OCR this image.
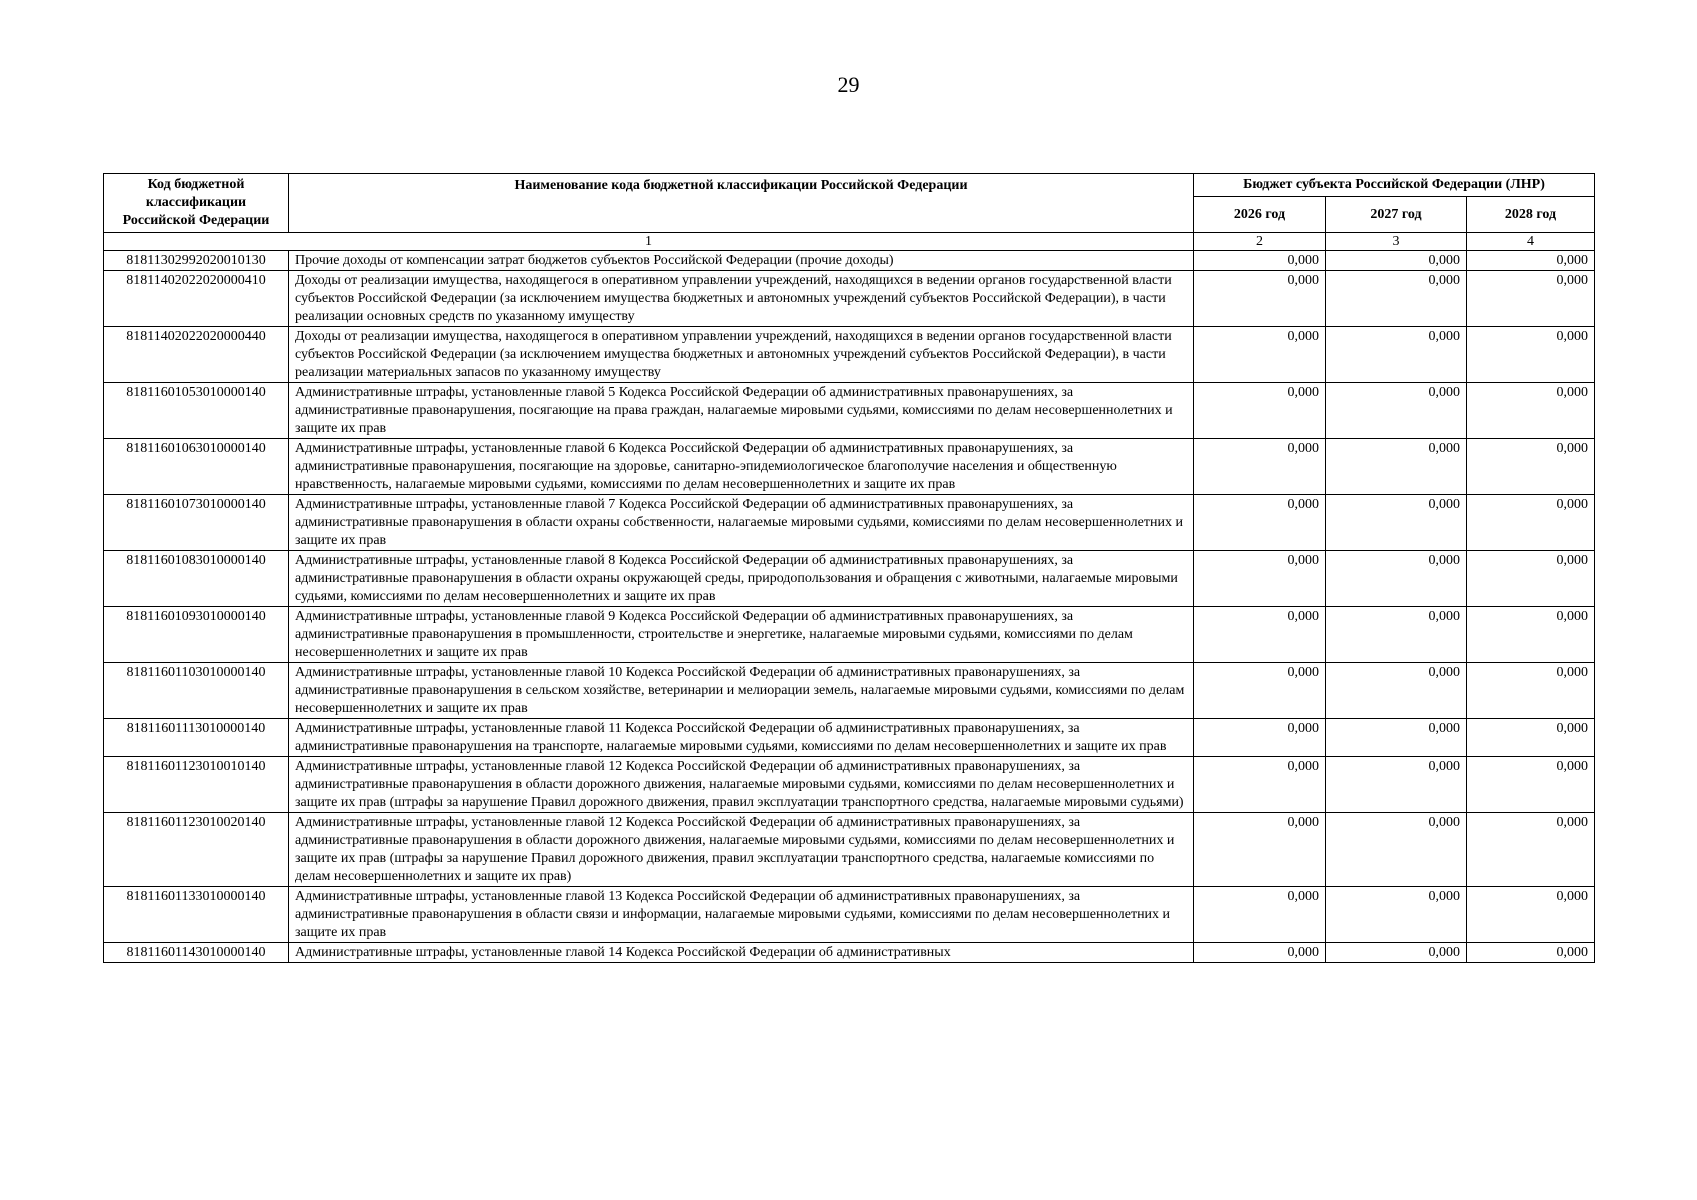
29
Код бюджетной классификации Российской Федерации	Наименование кода бюджетной классификации Российской Федерации	Бюджет субъекта Российской Федерации (ЛНР)		
		2026 год	2027 год	2028 год
1		2	3	4
81811302992020010130	Прочие доходы от компенсации затрат бюджетов субъектов Российской Федерации (прочие доходы)	0,000	0,000	0,000
81811402022020000410	Доходы от реализации имущества, находящегося в оперативном управлении учреждений, находящихся в ведении органов государственной власти субъектов Российской Федерации (за исключением имущества бюджетных и автономных учреждений субъектов Российской Федерации), в части реализации основных средств по указанному имуществу	0,000	0,000	0,000
81811402022020000440	Доходы от реализации имущества, находящегося в оперативном управлении учреждений, находящихся в ведении органов государственной власти субъектов Российской Федерации (за исключением имущества бюджетных и автономных учреждений субъектов Российской Федерации), в части реализации материальных запасов по указанному имуществу	0,000	0,000	0,000
81811601053010000140	Административные штрафы, установленные главой 5 Кодекса Российской Федерации об административных правонарушениях, за административные правонарушения, посягающие на права граждан, налагаемые мировыми судьями, комиссиями по делам несовершеннолетних и защите их прав	0,000	0,000	0,000
81811601063010000140	Административные штрафы, установленные главой 6 Кодекса Российской Федерации об административных правонарушениях, за административные правонарушения, посягающие на здоровье, санитарно-эпидемиологическое благополучие населения и общественную нравственность, налагаемые мировыми судьями, комиссиями по делам несовершеннолетних и защите их прав	0,000	0,000	0,000
81811601073010000140	Административные штрафы, установленные главой 7 Кодекса Российской Федерации об административных правонарушениях, за административные правонарушения в области охраны собственности, налагаемые мировыми судьями, комиссиями по делам несовершеннолетних и защите их прав	0,000	0,000	0,000
81811601083010000140	Административные штрафы, установленные главой 8 Кодекса Российской Федерации об административных правонарушениях, за административные правонарушения в области охраны окружающей среды, природопользования и обращения с животными, налагаемые мировыми судьями, комиссиями по делам несовершеннолетних и защите их прав	0,000	0,000	0,000
81811601093010000140	Административные штрафы, установленные главой 9 Кодекса Российской Федерации об административных правонарушениях, за административные правонарушения в промышленности, строительстве и энергетике, налагаемые мировыми судьями, комиссиями по делам несовершеннолетних и защите их прав	0,000	0,000	0,000
81811601103010000140	Административные штрафы, установленные главой 10 Кодекса Российской Федерации об административных правонарушениях, за административные правонарушения в сельском хозяйстве, ветеринарии и мелиорации земель, налагаемые мировыми судьями, комиссиями по делам несовершеннолетних и защите их прав	0,000	0,000	0,000
81811601113010000140	Административные штрафы, установленные главой 11 Кодекса Российской Федерации об административных правонарушениях, за административные правонарушения на транспорте, налагаемые мировыми судьями, комиссиями по делам несовершеннолетних и защите их прав	0,000	0,000	0,000
81811601123010010140	Административные штрафы, установленные главой 12 Кодекса Российской Федерации об административных правонарушениях, за административные правонарушения в области дорожного движения, налагаемые мировыми судьями, комиссиями по делам несовершеннолетних и защите их прав (штрафы за нарушение Правил дорожного движения, правил эксплуатации транспортного средства, налагаемые мировыми судьями)	0,000	0,000	0,000
81811601123010020140	Административные штрафы, установленные главой 12 Кодекса Российской Федерации об административных правонарушениях, за административные правонарушения в области дорожного движения, налагаемые мировыми судьями, комиссиями по делам несовершеннолетних и защите их прав (штрафы за нарушение Правил дорожного движения, правил эксплуатации транспортного средства, налагаемые комиссиями по делам несовершеннолетних и защите их прав)	0,000	0,000	0,000
81811601133010000140	Административные штрафы, установленные главой 13 Кодекса Российской Федерации об административных правонарушениях, за административные правонарушения в области связи и информации, налагаемые мировыми судьями, комиссиями по делам несовершеннолетних и защите их прав	0,000	0,000	0,000
81811601143010000140	Административные штрафы, установленные главой 14 Кодекса Российской Федерации об административных	0,000	0,000	0,000
